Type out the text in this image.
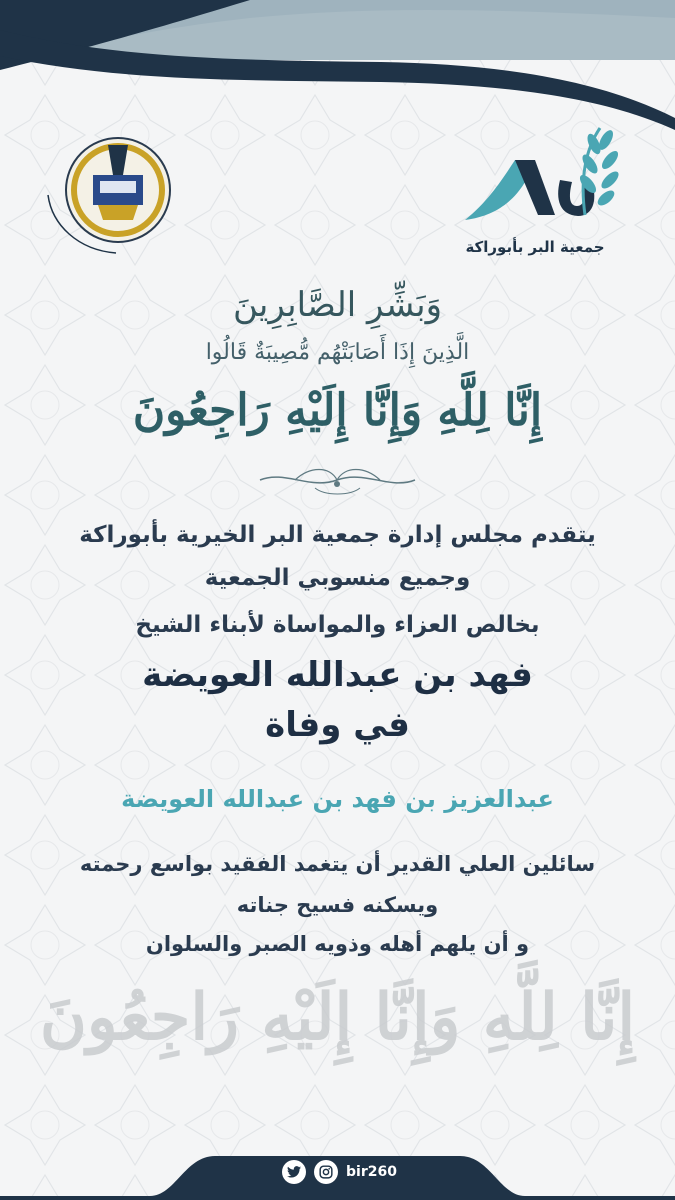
جمعية البر بأبوراكة
وَبَشِّرِ الصَّابِرِينَ
الَّذِينَ إِذَا أَصَابَتْهُم مُّصِيبَةٌ قَالُوا
إِنَّا لِلَّهِ وَإِنَّا إِلَيْهِ رَاجِعُونَ
يتقدم مجلس إدارة جمعية البر الخيرية بأبوراكة
وجميع منسوبي الجمعية
بخالص العزاء والمواساة لأبناء الشيخ
فهد بن عبدالله العويضة
في وفاة
عبدالعزيز بن فهد بن عبدالله العويضة
سائلين العلي القدير أن يتغمد الفقيد بواسع رحمته
ويسكنه فسيح جناته
و أن يلهم أهله وذويه الصبر والسلوان
إِنَّا لِلَّهِ وَإِنَّا إِلَيْهِ رَاجِعُونَ
bir260
